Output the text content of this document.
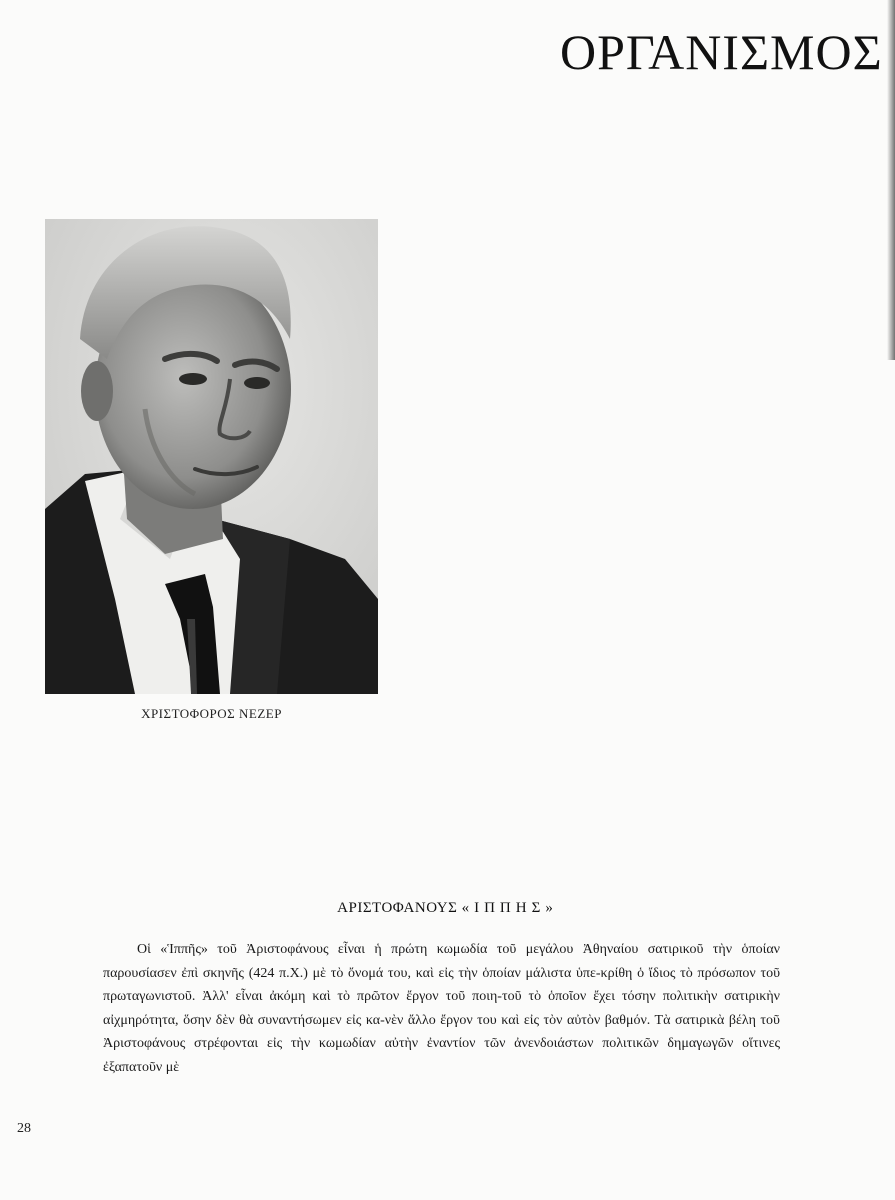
ΟΡΓΑΝΙΣΜΟΣ
ΧΡΙΣΤΟΦΟΡΟΣ ΝΕΖΕΡ
ΑΡΙΣΤΟΦΑΝΟΥΣ «ΙΠΠΗΣ»

Οἱ «Ἱππῆς» τοῦ Ἀριστοφάνους εἶναι ἡ πρώτη κωμωδία τοῦ μεγάλου Ἀθηναίου σατιρικοῦ τὴν ὁποίαν παρουσίασεν ἐπὶ σκηνῆς (424 π.Χ.) μὲ τὸ ὄνομά του, καὶ εἰς τὴν ὁποίαν μάλιστα ὑπε-κρίθη ὁ ἴδιος τὸ πρόσωπον τοῦ πρωταγωνιστοῦ. Ἀλλ' εἶναι ἀκόμη καὶ τὸ πρῶτον ἔργον τοῦ ποιη-τοῦ τὸ ὁποῖον ἔχει τόσην πολιτικὴν σατιρικὴν αἰχμηρότητα, ὅσην δὲν θὰ συναντήσωμεν εἰς κα-νὲν ἄλλο ἔργον του καὶ εἰς τὸν αὐτὸν βαθμόν. Τὰ σατιρικὰ βέλη τοῦ Ἀριστοφάνους στρέφονται εἰς τὴν κωμωδίαν αὐτὴν ἐναντίον τῶν ἀνενδοιάστων πολιτικῶν δημαγωγῶν οἵτινες ἐξαπατοῦν μὲ

28
